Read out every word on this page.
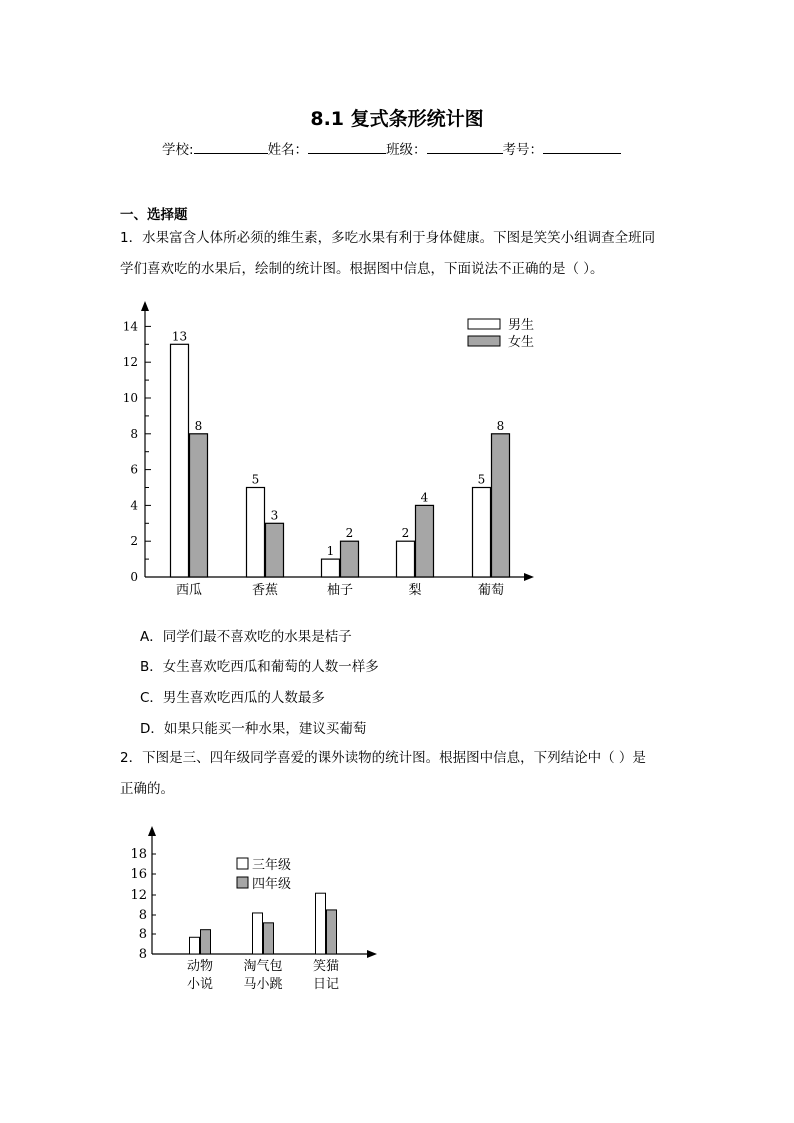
8.1 复式条形统计图
学校:	姓名：	班级：	考号：
一、选择题
1．水果富含人体所必须的维生素，多吃水果有利于身体健康。下图是笑笑小组调查全班同
学们喜欢吃的水果后，绘制的统计图。根据图中信息，下面说法不正确的是（ ）。
0
2
4
6
8
10
12
14
13
8
西瓜
5
3
香蕉
1
2
柚子
2
4
梨
5
8
葡萄
男生
女生
A．同学们最不喜欢吃的水果是桔子
B．女生喜欢吃西瓜和葡萄的人数一样多
C．男生喜欢吃西瓜的人数最多
D．如果只能买一种水果，建议买葡萄
2．下图是三、四年级同学喜爱的课外读物的统计图。根据图中信息，下列结论中（ ）是
正确的。
8
8
8
12
16
18
动物
小说
淘气包
马小跳
笑猫
日记
三年级
四年级
